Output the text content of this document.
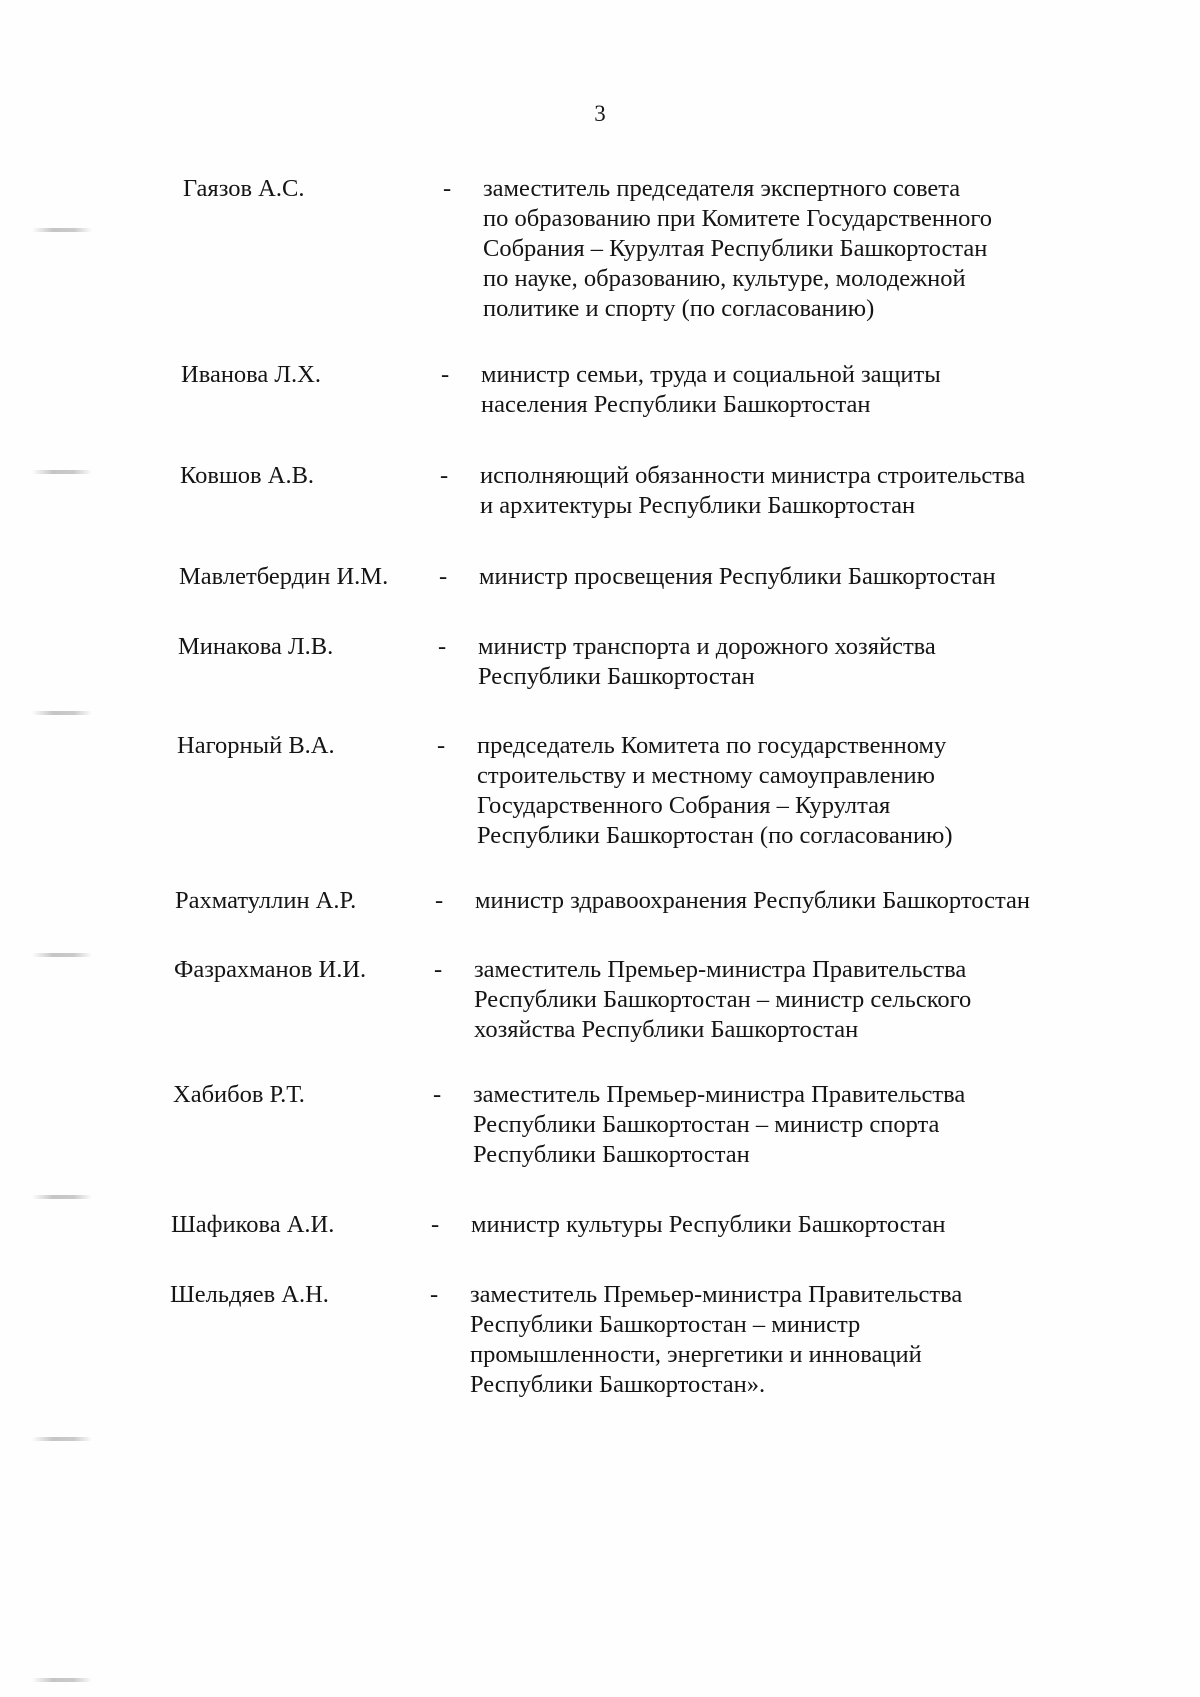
3
Гаязов А.С.	- заместитель председателя экспертного совета
по образованию при Комитете Государственного
Собрания – Курултая Республики Башкортостан
по науке, образованию, культуре, молодежной
политике и спорту (по согласованию)
Иванова Л.Х.	- министр семьи, труда и социальной защиты
населения Республики Башкортостан
Ковшов А.В.	- исполняющий обязанности министра строительства
и архитектуры Республики Башкортостан
Мавлетбердин И.М. - министр просвещения Республики Башкортостан
Минакова Л.В.	- министр транспорта и дорожного хозяйства
Республики Башкортостан
Нагорный В.А.	- председатель Комитета по государственному
строительству и местному самоуправлению
Государственного Собрания – Курултая
Республики Башкортостан (по согласованию)
Рахматуллин А.Р.	- министр здравоохранения Республики Башкортостан
Фазрахманов И.И.	- заместитель Премьер-министра Правительства
Республики Башкортостан – министр сельского
хозяйства Республики Башкортостан
Хабибов Р.Т.	- заместитель Премьер-министра Правительства
Республики Башкортостан – министр спорта
Республики Башкортостан
Шафикова А.И.	- министр культуры Республики Башкортостан
Шельдяев А.Н.	- заместитель Премьер-министра Правительства
Республики Башкортостан – министр
промышленности, энергетики и инноваций
Республики Башкортостан».
